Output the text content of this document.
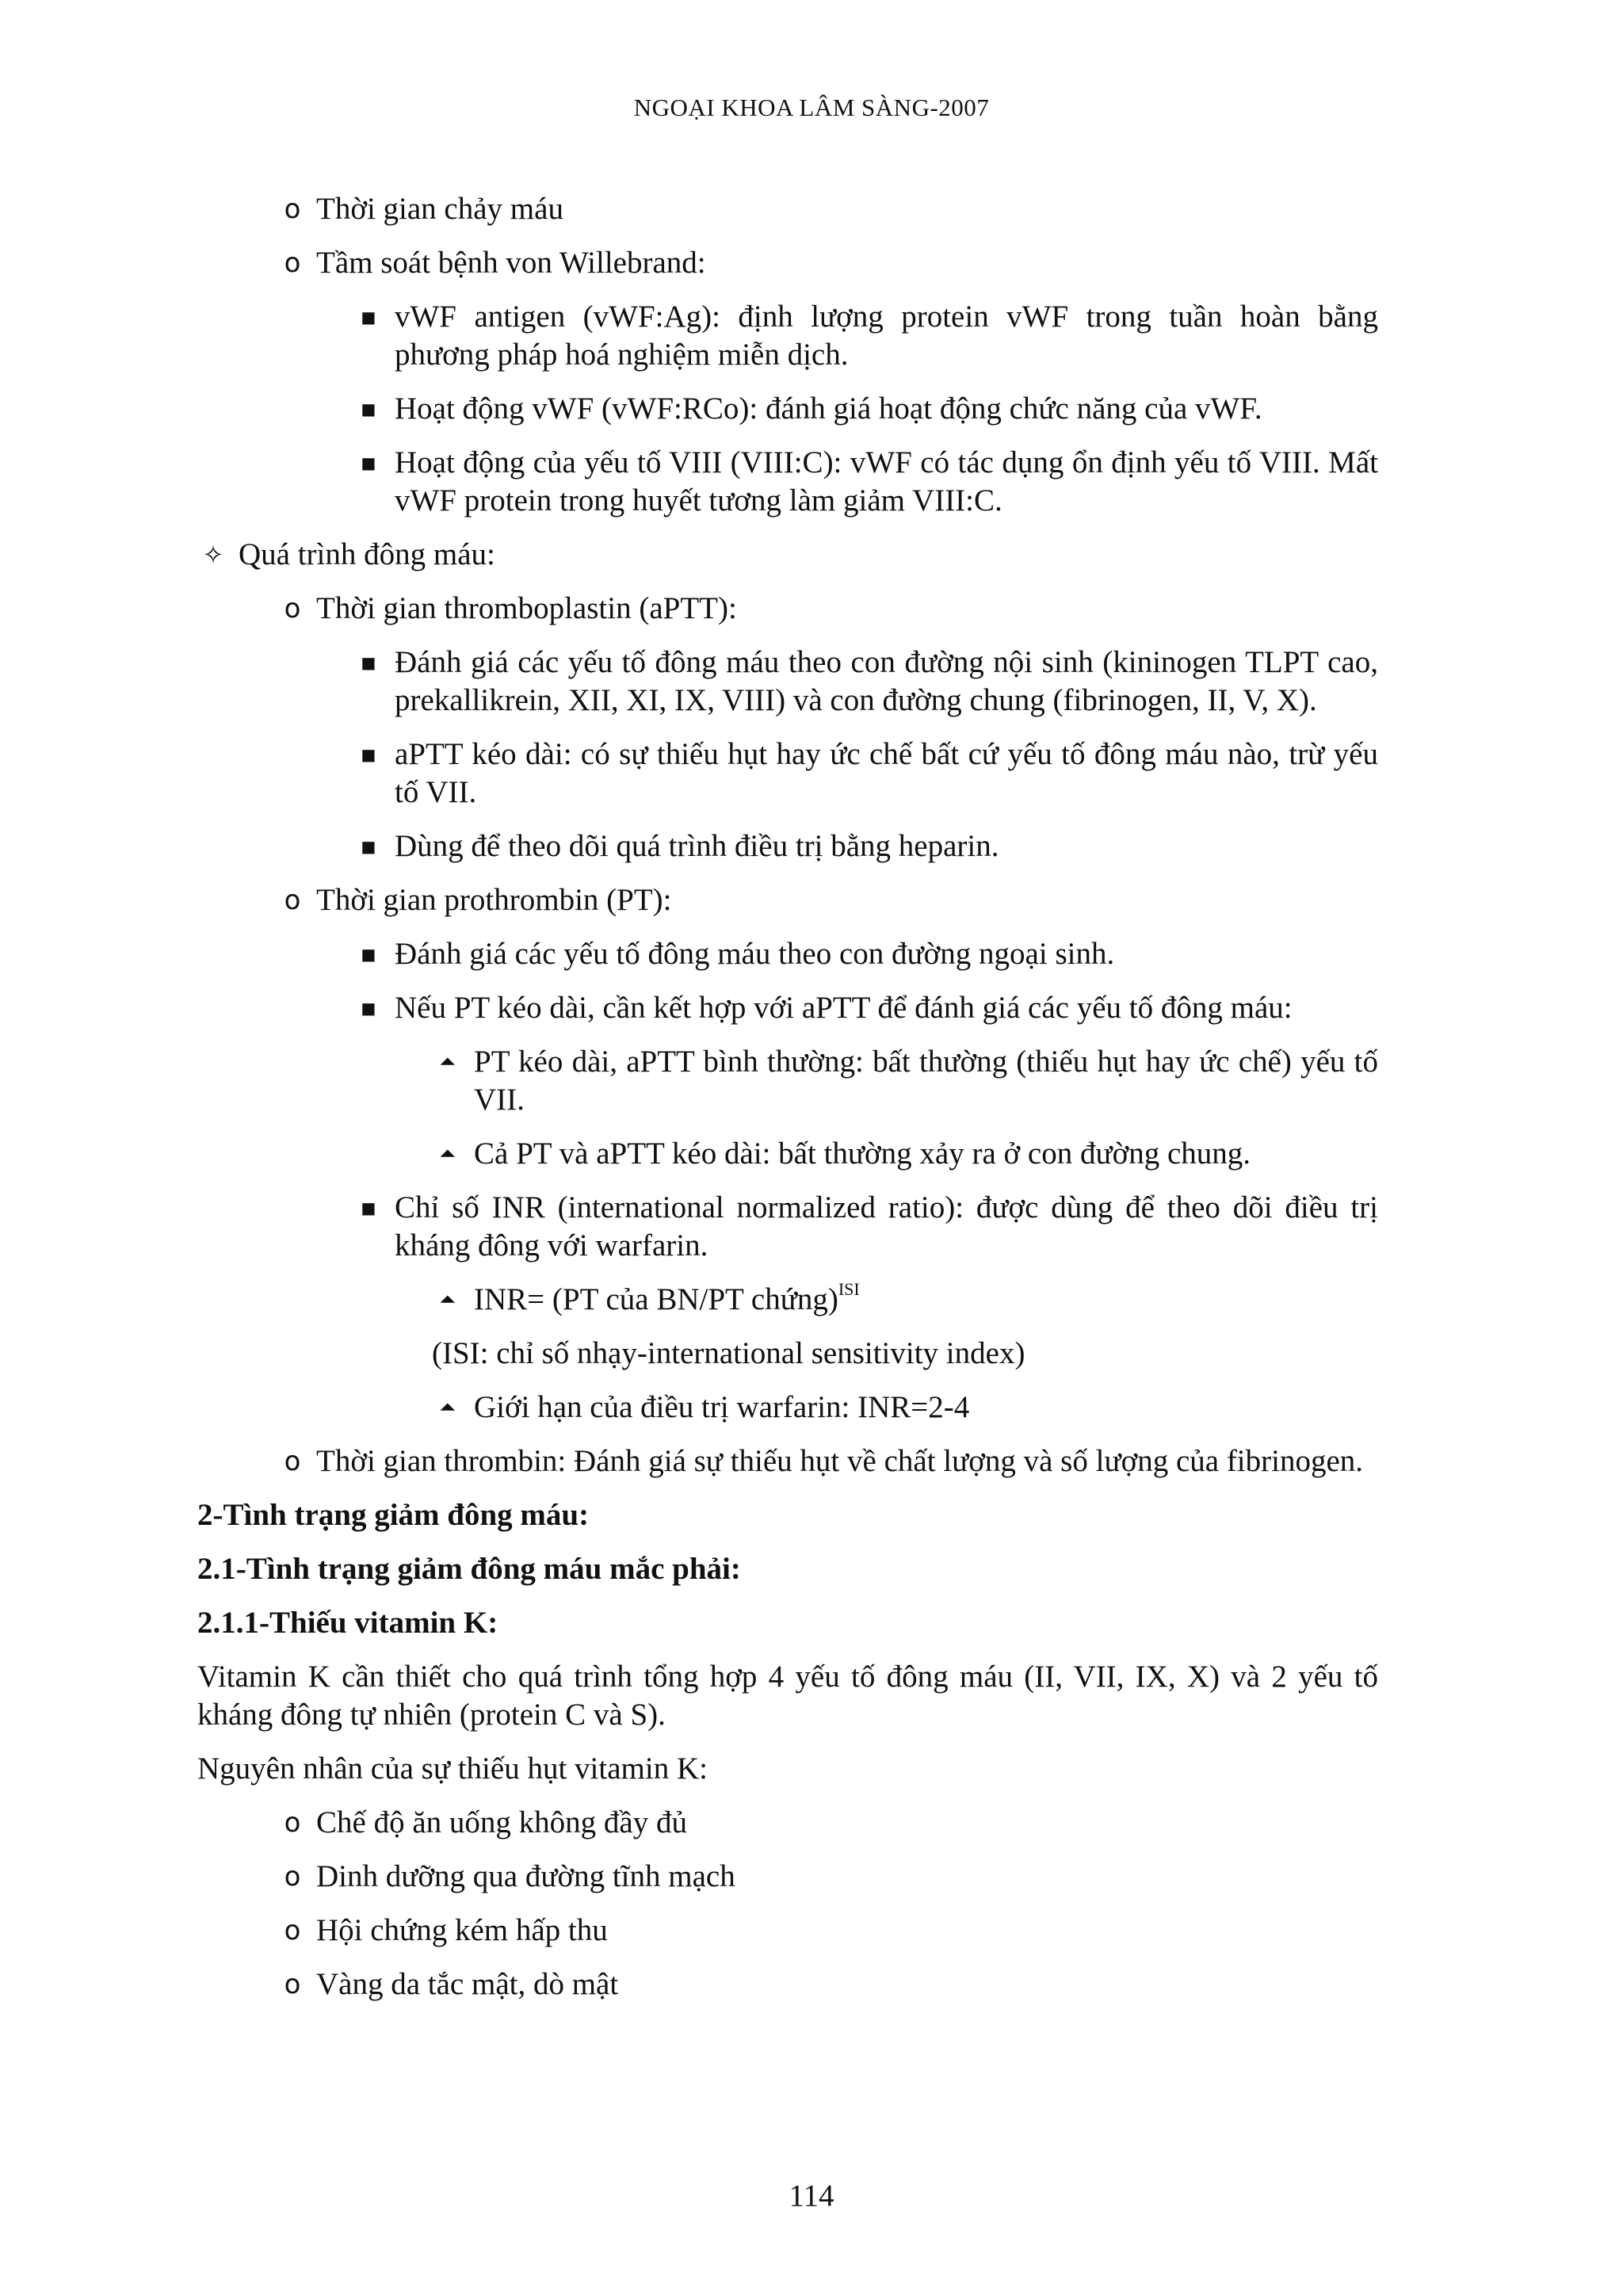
NGOẠI KHOA LÂM SÀNG-2007
o Thời gian chảy máu
o Tầm soát bệnh von Willebrand:
■ vWF antigen (vWF:Ag): định lượng protein vWF trong tuần hoàn bằng phương pháp hoá nghiệm miễn dịch.
■ Hoạt động vWF (vWF:RCo): đánh giá hoạt động chức năng của vWF.
■ Hoạt động của yếu tố VIII (VIII:C): vWF có tác dụng ổn định yếu tố VIII. Mất vWF protein trong huyết tương làm giảm VIII:C.
✧ Quá trình đông máu:
o Thời gian thromboplastin (aPTT):
■ Đánh giá các yếu tố đông máu theo con đường nội sinh (kininogen TLPT cao, prekallikrein, XII, XI, IX, VIII) và con đường chung (fibrinogen, II, V, X).
■ aPTT kéo dài: có sự thiếu hụt hay ức chế bất cứ yếu tố đông máu nào, trừ yếu tố VII.
■ Dùng để theo dõi quá trình điều trị bằng heparin.
o Thời gian prothrombin (PT):
■ Đánh giá các yếu tố đông máu theo con đường ngoại sinh.
■ Nếu PT kéo dài, cần kết hợp với aPTT để đánh giá các yếu tố đông máu:
⏶ PT kéo dài, aPTT bình thường: bất thường (thiếu hụt hay ức chế) yếu tố VII.
⏶ Cả PT và aPTT kéo dài: bất thường xảy ra ở con đường chung.
■ Chỉ số INR (international normalized ratio): được dùng để theo dõi điều trị kháng đông với warfarin.
⏶ INR= (PT của BN/PT chứng)$^{ISI}$
(ISI: chỉ số nhạy-international sensitivity index)
⏶ Giới hạn của điều trị warfarin: INR=2-4
o Thời gian thrombin: Đánh giá sự thiếu hụt về chất lượng và số lượng của fibrinogen.
2-Tình trạng giảm đông máu:
2.1-Tình trạng giảm đông máu mắc phải:
2.1.1-Thiếu vitamin K:
Vitamin K cần thiết cho quá trình tổng hợp 4 yếu tố đông máu (II, VII, IX, X) và 2 yếu tố kháng đông tự nhiên (protein C và S).
Nguyên nhân của sự thiếu hụt vitamin K:
o Chế độ ăn uống không đầy đủ
o Dinh dưỡng qua đường tĩnh mạch
o Hội chứng kém hấp thu
o Vàng da tắc mật, dò mật
114
